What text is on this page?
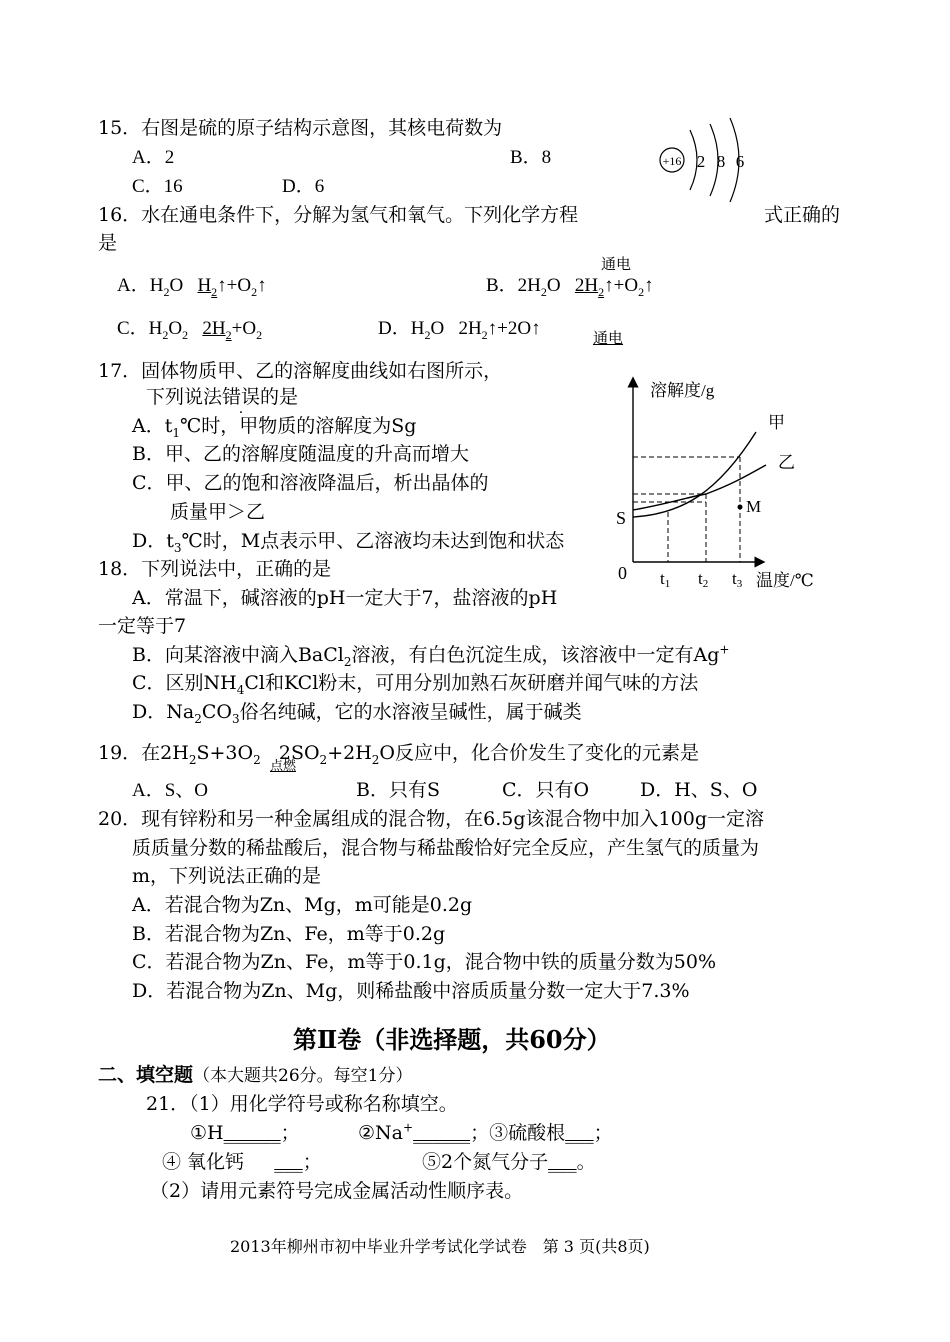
15．右图是硫的原子结构示意图，其核电荷数为
A．2	B．8
C．16	D．6
+16 2 8 6
16．水在通电条件下，分解为氢气和氧气。下列化学方程	式正确的
是
A．$H_2O$ $H_2↑+O_2↑$
通电
B．$2H_2O$ $2H_2↑+O_2↑$
C．$H_2O_2$ $2H_2+O_2$	D．$H_2O$ $2H_2↑+2O↑$	通电
17．固体物质甲、乙的溶解度曲线如右图所示，
下列说法错误的是
A．$t_1℃$时，甲物质的溶解度为Sg
B．甲、乙的溶解度随温度的升高而增大
C．甲、乙的饱和溶液降温后，析出晶体的
质量甲＞乙
D．$t_3℃$时，M点表示甲、乙溶液均未达到饱和状态
溶解度/g
温度/℃
0
S
甲
乙
M
t1 t2 t3
18．下列说法中，正确的是
A．常温下，碱溶液的pH一定大于7，盐溶液的pH
一定等于7
B．向某溶液中滴入BaCl$_2$溶液，有白色沉淀生成，该溶液中一定有Ag+
C．区别$NH_4Cl$和KCl粉末，可用分别加熟石灰研磨并闻气味的方法
D．$Na_2CO_3$俗名纯碱，它的水溶液呈碱性，属于碱类
19．在$2H_2S+3O_2$ $2SO_2+2H_2O$反应中，化合价发生了变化的元素是
点燃
A．S、O	B．只有S	C．只有O	D．H、S、O
20．现有锌粉和另一种金属组成的混合物，在6.5g该混合物中加入100g一定溶
质质量分数的稀盐酸后，混合物与稀盐酸恰好完全反应，产生氢气的质量为
m，下列说法正确的是
A．若混合物为Zn、Mg，m可能是0.2g
B．若混合物为Zn、Fe，m等于0.2g
C．若混合物为Zn、Fe，m等于0.1g，混合物中铁的质量分数为50%
D．若混合物为Zn、Mg，则稀盐酸中溶质质量分数一定大于7.3%
第Ⅱ卷（非选择题，共60分）
二、填空题（本大题共26分。每空1分）
21．（1）用化学符号或称名称填空。
①H______；	②Na+______；③硫酸根___；
④ 氧化钙 ___；	⑤2个氮气分子___。
（2）请用元素符号完成金属活动性顺序表。
2013年柳州市初中毕业升学考试化学试卷　第 3 页(共8页)
